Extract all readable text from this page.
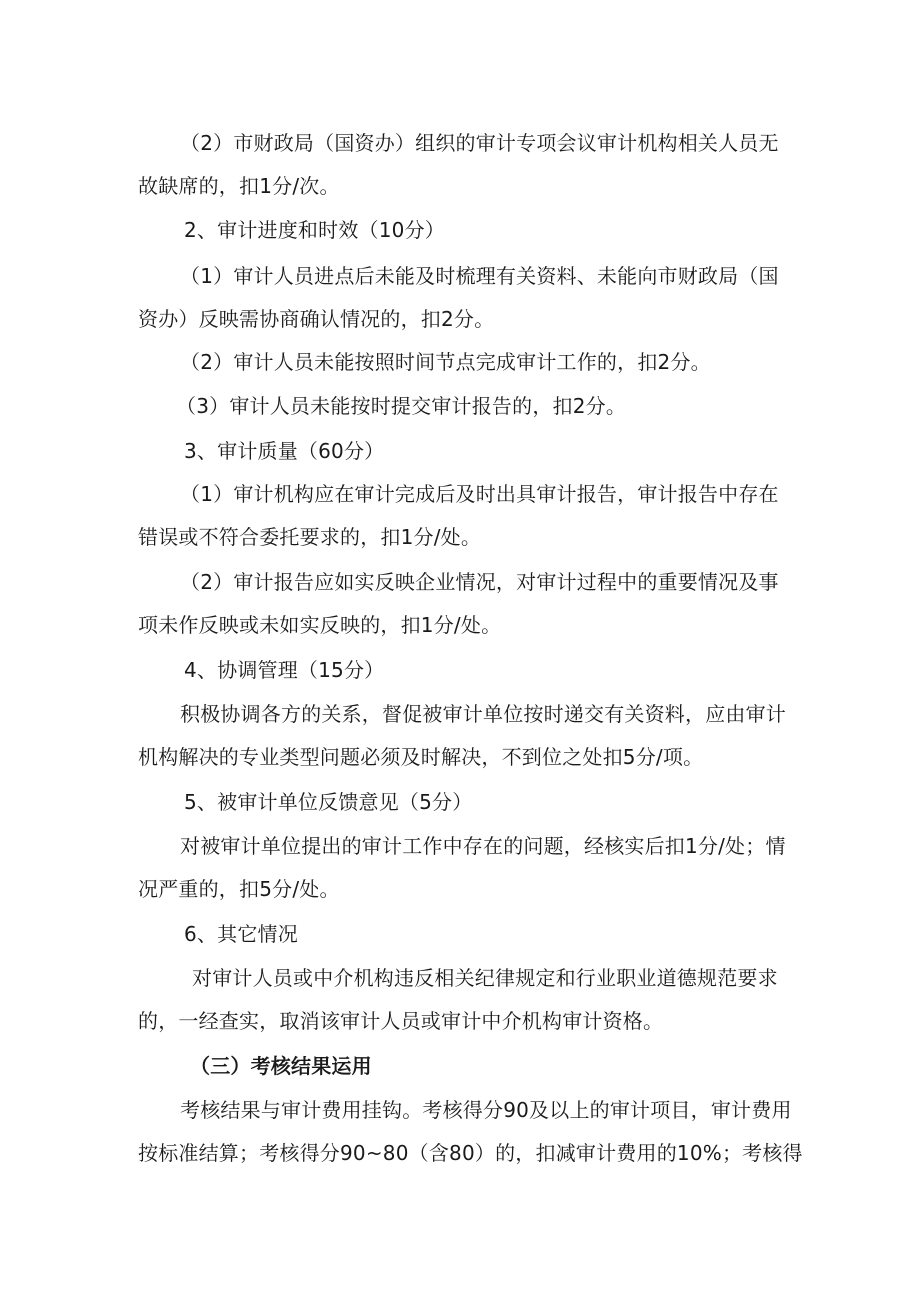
（2）市财政局（国资办）组织的审计专项会议审计机构相关人员无
故缺席的，扣1分/次。
2、审计进度和时效（10分）
（1）审计人员进点后未能及时梳理有关资料、未能向市财政局（国
资办）反映需协商确认情况的，扣2分。
（2）审计人员未能按照时间节点完成审计工作的，扣2分。
（3）审计人员未能按时提交审计报告的，扣2分。
3、审计质量（60分）
（1）审计机构应在审计完成后及时出具审计报告，审计报告中存在
错误或不符合委托要求的，扣1分/处。
（2）审计报告应如实反映企业情况，对审计过程中的重要情况及事
项未作反映或未如实反映的，扣1分/处。
4、协调管理（15分）
积极协调各方的关系，督促被审计单位按时递交有关资料，应由审计
机构解决的专业类型问题必须及时解决，不到位之处扣5分/项。
5、被审计单位反馈意见（5分）
对被审计单位提出的审计工作中存在的问题，经核实后扣1分/处；情
况严重的，扣5分/处。
6、其它情况
对审计人员或中介机构违反相关纪律规定和行业职业道德规范要求
的，一经查实，取消该审计人员或审计中介机构审计资格。
（三）考核结果运用
考核结果与审计费用挂钩。考核得分90及以上的审计项目，审计费用
按标准结算；考核得分90~80（含80）的，扣减审计费用的10%；考核得
